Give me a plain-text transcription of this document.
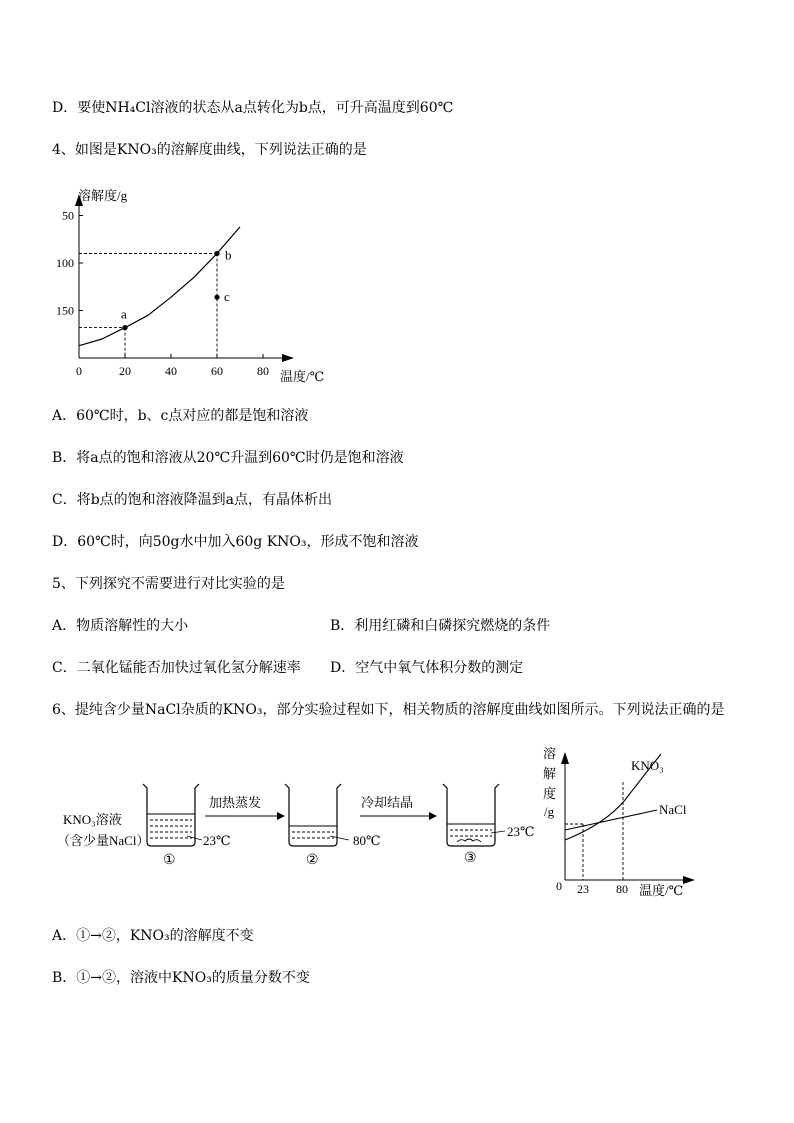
D．要使NH₄Cl溶液的状态从a点转化为b点，可升高温度到60℃
4、如图是KNO₃的溶解度曲线，下列说法正确的是
溶解度/g
温度/℃
150
100
50
0	20	40	60	80
a
b
c
A．60℃时，b、c点对应的都是饱和溶液
B．将a点的饱和溶液从20℃升温到60℃时仍是饱和溶液
C．将b点的饱和溶液降温到a点，有晶体析出
D．60℃时，向50g水中加入60g KNO₃，形成不饱和溶液
5、下列探究不需要进行对比实验的是
A．物质溶解性的大小	B．利用红磷和白磷探究燃烧的条件
C．二氧化锰能否加快过氧化氢分解速率 D．空气中氧气体积分数的测定
6、提纯含少量NaCl杂质的KNO₃，部分实验过程如下，相关物质的溶解度曲线如图所示。下列说法正确的是
KNO₃溶液
（含少量NaCl）	23℃
①
加热蒸发
80℃
②
冷却结晶
23℃
③
溶
解
度
/g
KNO₃
NaCl
0 23 80 温度/℃
A．①→②，KNO₃的溶解度不变
B．①→②，溶液中KNO₃的质量分数不变
